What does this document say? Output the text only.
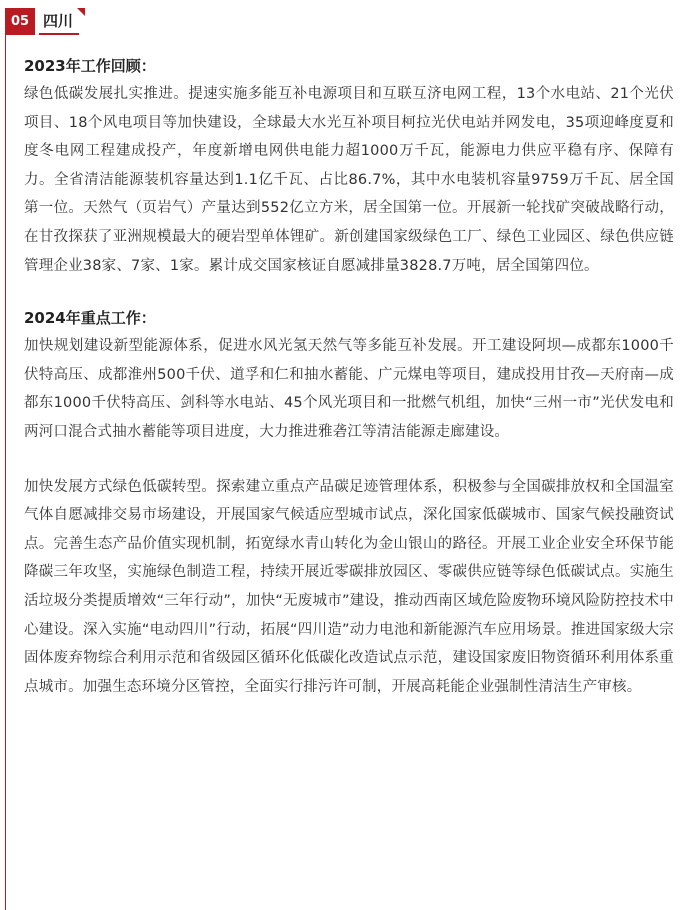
05 四川

2023年工作回顾：

绿色低碳发展扎实推进。提速实施多能互补电源项目和互联互济电网工程，13个水电站、21个光伏项目、18个风电项目等加快建设，全球最大水光互补项目柯拉光伏电站并网发电，35项迎峰度夏和度冬电网工程建成投产，年度新增电网供电能力超1000万千瓦，能源电力供应平稳有序、保障有力。全省清洁能源装机容量达到1.1亿千瓦、占比86.7%，其中水电装机容量9759万千瓦、居全国第一位。天然气（页岩气）产量达到552亿立方米，居全国第一位。开展新一轮找矿突破战略行动，在甘孜探获了亚洲规模最大的硬岩型单体锂矿。新创建国家级绿色工厂、绿色工业园区、绿色供应链管理企业38家、7家、1家。累计成交国家核证自愿减排量3828.7万吨，居全国第四位。

2024年重点工作：

加快规划建设新型能源体系，促进水风光氢天然气等多能互补发展。开工建设阿坝—成都东1000千伏特高压、成都淮州500千伏、道孚和仁和抽水蓄能、广元煤电等项目，建成投用甘孜—天府南—成都东1000千伏特高压、剑科等水电站、45个风光项目和一批燃气机组，加快“三州一市”光伏发电和两河口混合式抽水蓄能等项目进度，大力推进雅砻江等清洁能源走廊建设。

加快发展方式绿色低碳转型。探索建立重点产品碳足迹管理体系，积极参与全国碳排放权和全国温室气体自愿减排交易市场建设，开展国家气候适应型城市试点，深化国家低碳城市、国家气候投融资试点。完善生态产品价值实现机制，拓宽绿水青山转化为金山银山的路径。开展工业企业安全环保节能降碳三年攻坚，实施绿色制造工程，持续开展近零碳排放园区、零碳供应链等绿色低碳试点。实施生活垃圾分类提质增效“三年行动”，加快“无废城市”建设，推动西南区域危险废物环境风险防控技术中心建设。深入实施“电动四川”行动，拓展“四川造”动力电池和新能源汽车应用场景。推进国家级大宗固体废弃物综合利用示范和省级园区循环化低碳化改造试点示范，建设国家废旧物资循环利用体系重点城市。加强生态环境分区管控，全面实行排污许可制，开展高耗能企业强制性清洁生产审核。
